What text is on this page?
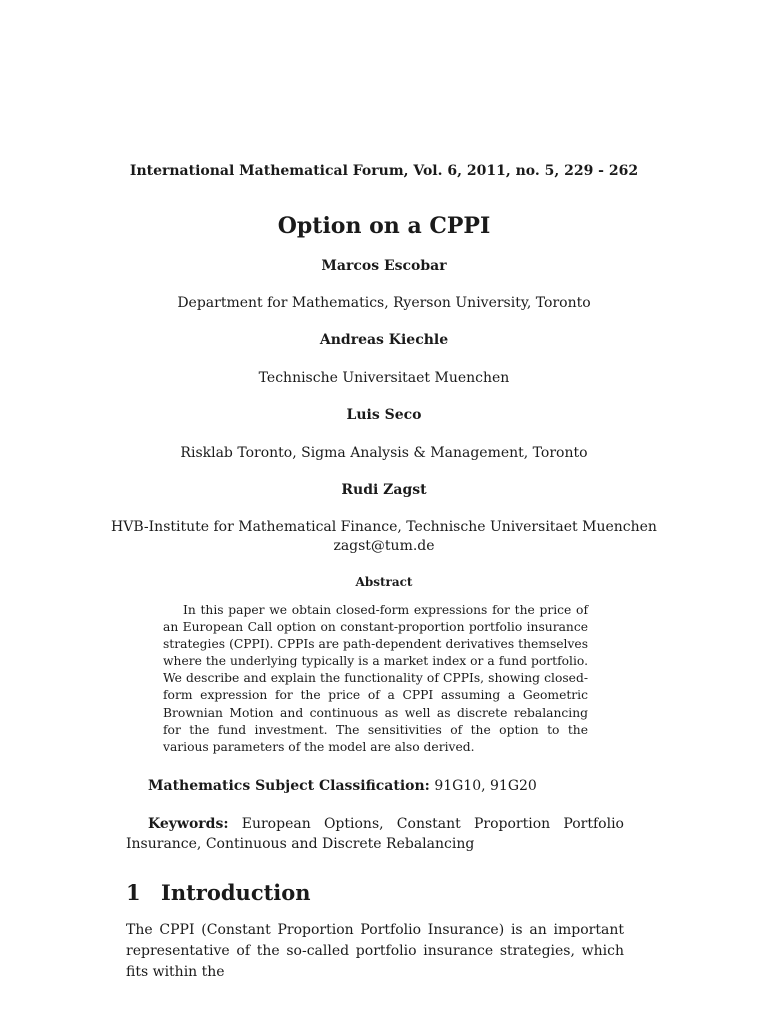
International Mathematical Forum, Vol. 6, 2011, no. 5, 229 - 262
Option on a CPPI
Marcos Escobar
Department for Mathematics, Ryerson University, Toronto
Andreas Kiechle
Technische Universitaet Muenchen
Luis Seco
Risklab Toronto, Sigma Analysis & Management, Toronto
Rudi Zagst
HVB-Institute for Mathematical Finance, Technische Universitaet Muenchen
zagst@tum.de
Abstract
In this paper we obtain closed-form expressions for the price of an European Call option on constant-proportion portfolio insurance strategies (CPPI). CPPIs are path-dependent derivatives themselves where the underlying typically is a market index or a fund portfolio. We describe and explain the functionality of CPPIs, showing closed-form expression for the price of a CPPI assuming a Geometric Brownian Motion and continuous as well as discrete rebalancing for the fund investment. The sensitivities of the option to the various parameters of the model are also derived.
Mathematics Subject Classification: 91G10, 91G20
Keywords: European Options, Constant Proportion Portfolio Insurance, Continuous and Discrete Rebalancing
1 Introduction
The CPPI (Constant Proportion Portfolio Insurance) is an important representative of the so-called portfolio insurance strategies, which fits within the
